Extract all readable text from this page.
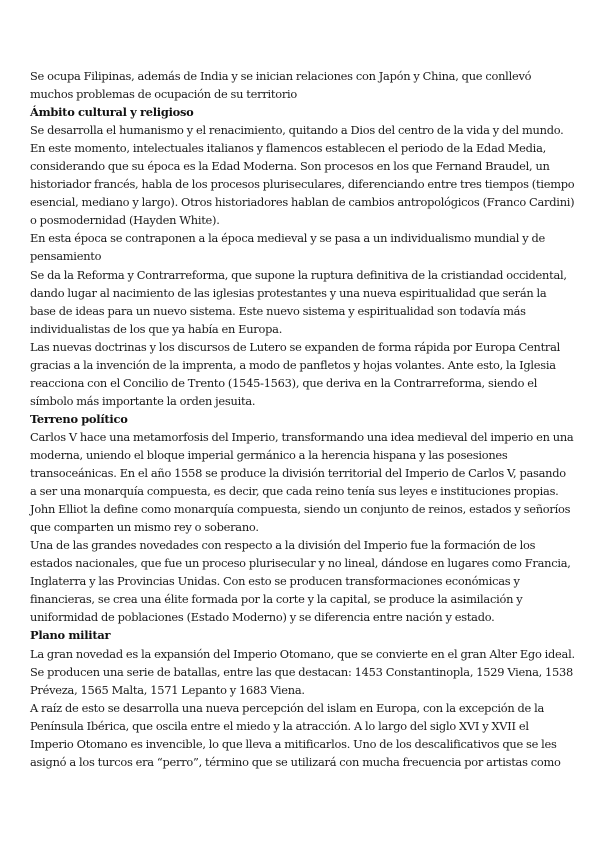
Se ocupa Filipinas, además de India y se inician relaciones con Japón y China, que conllevó muchos problemas de ocupación de su territorio

Ámbito cultural y religioso

Se desarrolla el humanismo y el renacimiento, quitando a Dios del centro de la vida y del mundo. En este momento, intelectuales italianos y flamencos establecen el periodo de la Edad Media, considerando que su época es la Edad Moderna. Son procesos en los que Fernand Braudel, un historiador francés, habla de los procesos pluriseculares, diferenciando entre tres tiempos (tiempo esencial, mediano y largo). Otros historiadores hablan de cambios antropológicos (Franco Cardini) o posmodernidad (Hayden White).

En esta época se contraponen a la época medieval y se pasa a un individualismo mundial y de pensamiento

Se da la Reforma y Contrarreforma, que supone la ruptura definitiva de la cristiandad occidental, dando lugar al nacimiento de las iglesias protestantes y una nueva espiritualidad que serán la base de ideas para un nuevo sistema. Este nuevo sistema y espiritualidad son todavía más individualistas de los que ya había en Europa.

Las nuevas doctrinas y los discursos de Lutero se expanden de forma rápida por Europa Central gracias a la invención de la imprenta, a modo de panfletos y hojas volantes. Ante esto, la Iglesia reacciona con el Concilio de Trento (1545-1563), que deriva en la Contrarreforma, siendo el símbolo más importante la orden jesuita.

Terreno político

Carlos V hace una metamorfosis del Imperio, transformando una idea medieval del imperio en una moderna, uniendo el bloque imperial germánico a la herencia hispana y las posesiones transoceánicas. En el año 1558 se produce la división territorial del Imperio de Carlos V, pasando a ser una monarquía compuesta, es decir, que cada reino tenía sus leyes e instituciones propias. John Elliot la define como monarquía compuesta, siendo un conjunto de reinos, estados y señoríos que comparten un mismo rey o soberano.

Una de las grandes novedades con respecto a la división del Imperio fue la formación de los estados nacionales, que fue un proceso plurisecular y no lineal, dándose en lugares como Francia, Inglaterra y las Provincias Unidas. Con esto se producen transformaciones económicas y financieras, se crea una élite formada por la corte y la capital, se produce la asimilación y uniformidad de poblaciones (Estado Moderno) y se diferencia entre nación y estado.

Plano militar

La gran novedad es la expansión del Imperio Otomano, que se convierte en el gran Alter Ego ideal. Se producen una serie de batallas, entre las que destacan: 1453 Constantinopla, 1529 Viena, 1538 Préveza, 1565 Malta, 1571 Lepanto y 1683 Viena.

A raíz de esto se desarrolla una nueva percepción del islam en Europa, con la excepción de la Península Ibérica, que oscila entre el miedo y la atracción. A lo largo del siglo XVI y XVII el Imperio Otomano es invencible, lo que lleva a mitificarlos. Uno de los descalificativos que se les asignó a los turcos era “perro”, término que se utilizará con mucha frecuencia por artistas como
